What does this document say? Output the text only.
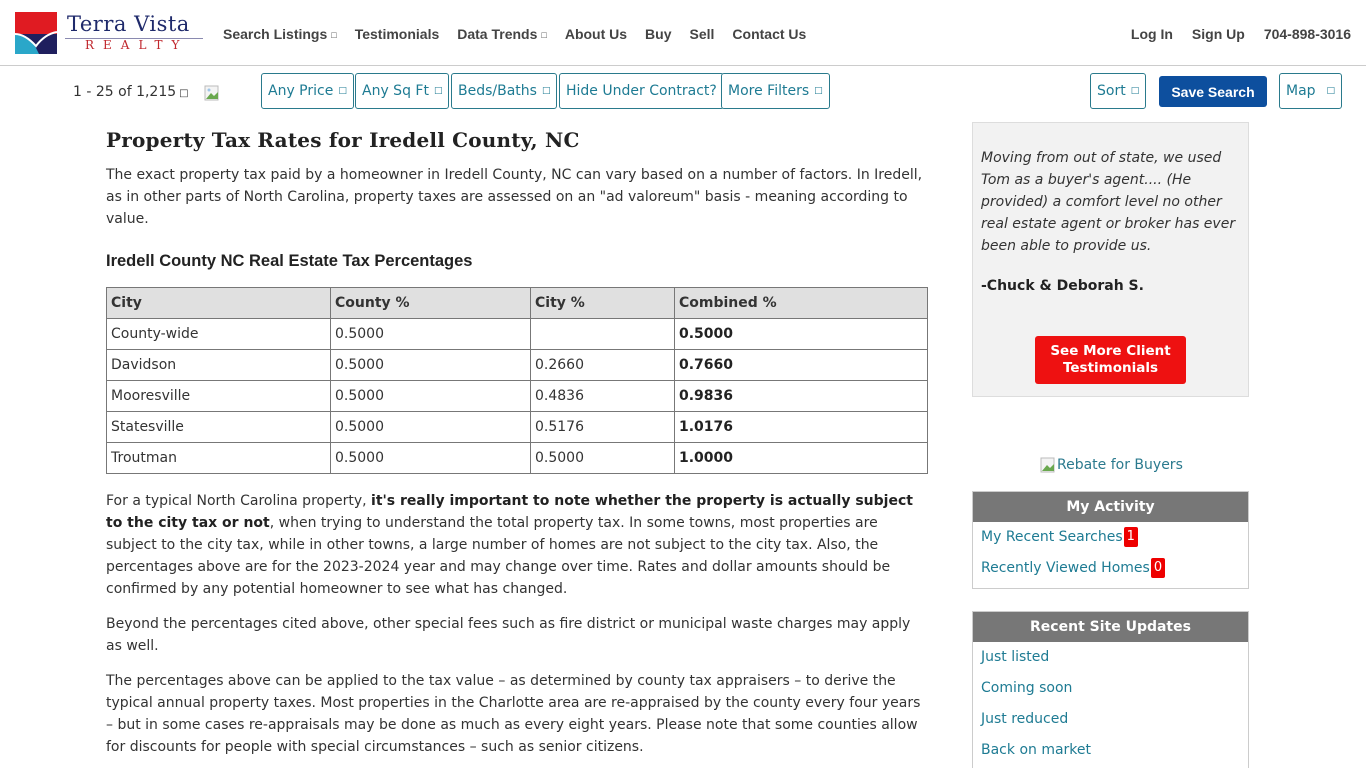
Terra Vista
REALTY
Search Listings □ Testimonials Data Trends □ About Us Buy Sell Contact Us	Log In Sign Up 704-898-3016
1 - 25 of 1,215 □	Any Price □ Any Sq Ft □ Beds/Baths □ Hide Under Contract? More Filters □	Sort □	Save Search	Map □
Property Tax Rates for Iredell County, NC

The exact property tax paid by a homeowner in Iredell County, NC can vary based on a number of factors. In Iredell, as in other parts of North Carolina, property taxes are assessed on an "ad valoreum" basis - meaning according to value.

Iredell County NC Real Estate Tax Percentages
City	County %	City %	Combined %
County-wide	0.5000		0.5000
Davidson	0.5000	0.2660	0.7660
Mooresville	0.5000	0.4836	0.9836
Statesville	0.5000	0.5176	1.0176
Troutman	0.5000	0.5000	1.0000

For a typical North Carolina property, it's really important to note whether the property is actually subject to the city tax or not, when trying to understand the total property tax. In some towns, most properties are subject to the city tax, while in other towns, a large number of homes are not subject to the city tax. Also, the percentages above are for the 2023-2024 year and may change over time. Rates and dollar amounts should be confirmed by any potential homeowner to see what has changed.

Beyond the percentages cited above, other special fees such as fire district or municipal waste charges may apply as well.

The percentages above can be applied to the tax value – as determined by county tax appraisers – to derive the typical annual property taxes. Most properties in the Charlotte area are re-appraised by the county every four years – but in some cases re-appraisals may be done as much as every eight years. Please note that some counties allow for discounts for people with special circumstances – such as senior citizens.

Moving from out of state, we used Tom as a buyer's agent.... (He provided) a comfort level no other real estate agent or broker has ever been able to provide us.
-Chuck & Deborah S.
See More Client Testimonials
Rebate for Buyers
My Activity
My Recent Searches 1
Recently Viewed Homes 0
Recent Site Updates
Just listed
Coming soon
Just reduced
Back on market
